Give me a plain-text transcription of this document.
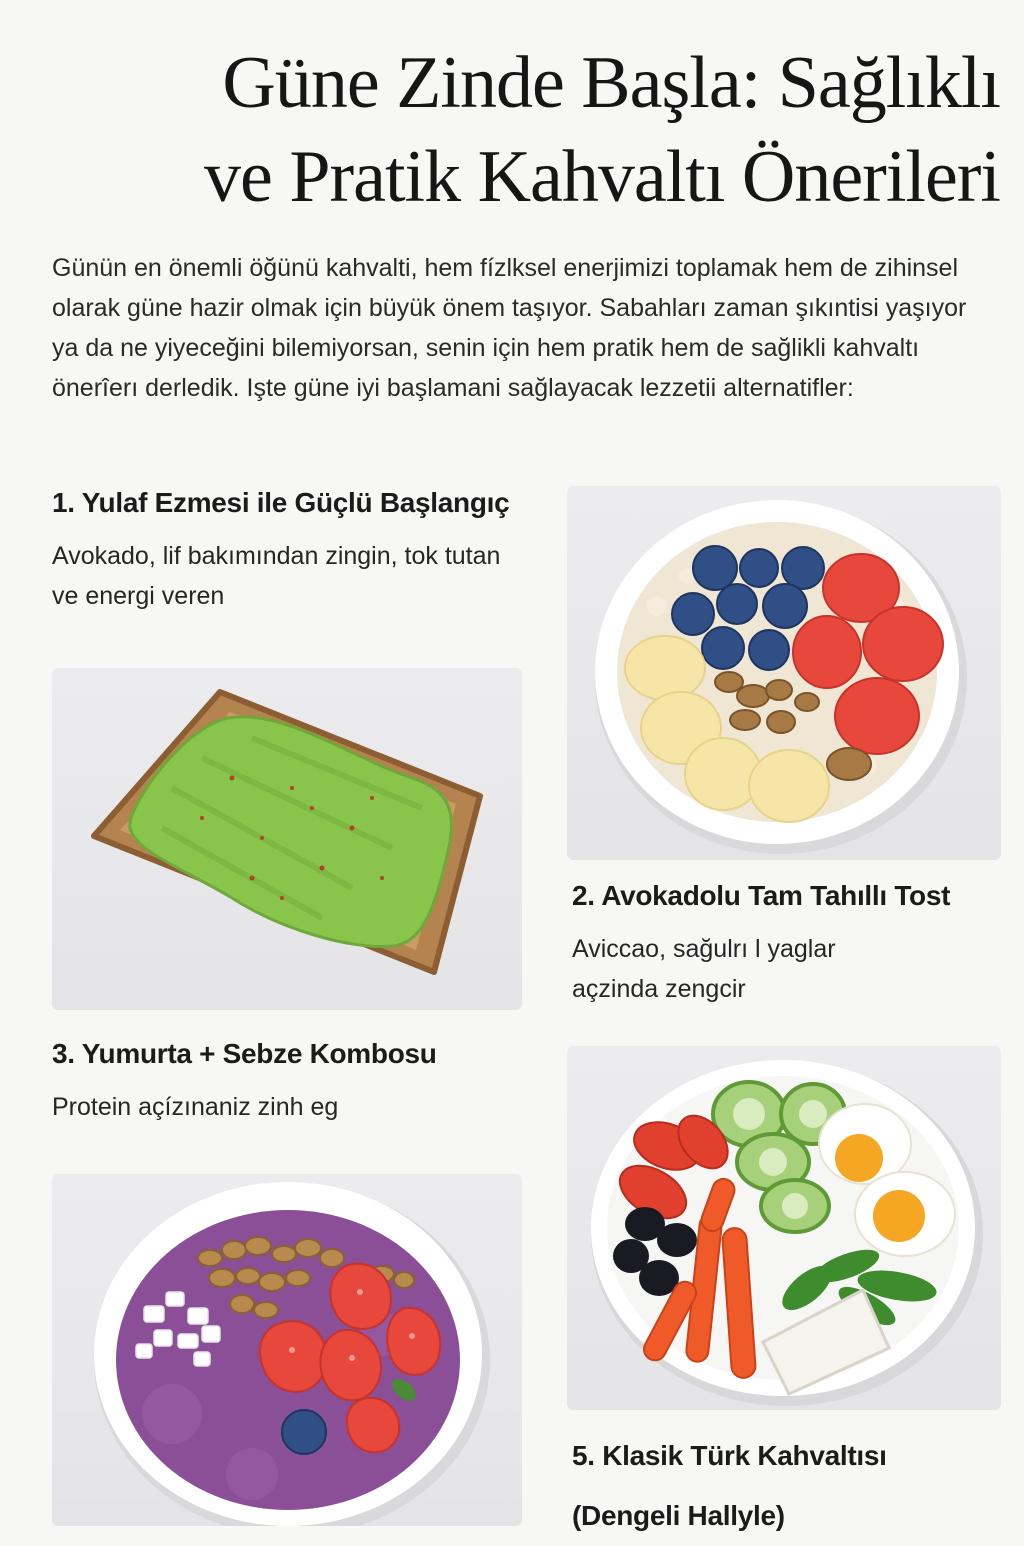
Güne Zinde Başla: Sağlıklı
ve Pratik Kahvaltı Önerileri

Günün en önemli öğünü kahvalti, hem fízlksel enerjimizi toplamak hem de zihinsel olarak güne hazir olmak için büyük önem taşıyor. Sabahları zaman şıkıntisi yaşıyor ya da ne yiyeceğini bilemiyorsan, senin için hem pratik hem de sağlikli kahvaltı önerîerı derledik. Işte güne iyi başlamani sağlayacak lezzetii alternatifler:

1. Yulaf Ezmesi ile Güçlü Başlangıç

Avokado, lif bakımından zingin, tok tutan
ve energi veren

2. Avokadolu Tam Tahıllı Tost

Aviccao, sağulrı l yaglar
açzinda zengcir

3. Yumurta + Sebze Kombosu

Protein açízınaniz zinh eg

5. Klasik Türk Kahvaltısı
(Dengeli Hallyle)
